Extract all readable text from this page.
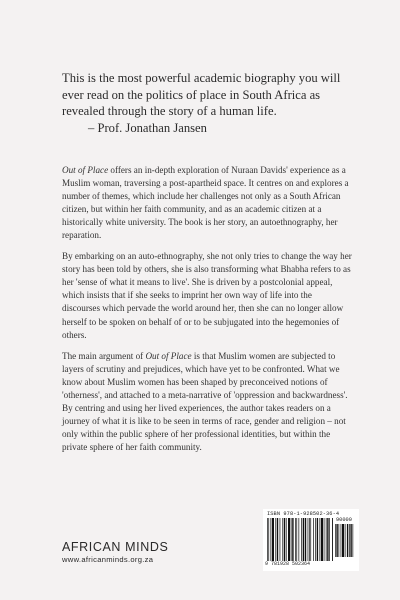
This is the most powerful academic biography you will ever read on the politics of place in South Africa as revealed through the story of a human life.

– Prof. Jonathan Jansen

Out of Place offers an in-depth exploration of Nuraan Davids' experience as a Muslim woman, traversing a post-apartheid space. It centres on and explores a number of themes, which include her challenges not only as a South African citizen, but within her faith community, and as an academic citizen at a historically white university. The book is her story, an autoethnography, her reparation.

By embarking on an auto-ethnography, she not only tries to change the way her story has been told by others, she is also transforming what Bhabha refers to as her 'sense of what it means to live'. She is driven by a postcolonial appeal, which insists that if she seeks to imprint her own way of life into the discourses which pervade the world around her, then she can no longer allow herself to be spoken on behalf of or to be subjugated into the hegemonies of others.

The main argument of Out of Place is that Muslim women are subjected to layers of scrutiny and prejudices, which have yet to be confronted. What we know about Muslim women has been shaped by preconceived notions of 'otherness', and attached to a meta-narrative of 'oppression and backwardness'. By centring and using her lived experiences, the author takes readers on a journey of what it is like to be seen in terms of race, gender and religion – not only within the public sphere of her professional identities, but within the private sphere of her faith community.

AFRICAN MINDS
www.africanminds.org.za
ISBN 978-1-928502-36-4
90000
9 781928 502364
